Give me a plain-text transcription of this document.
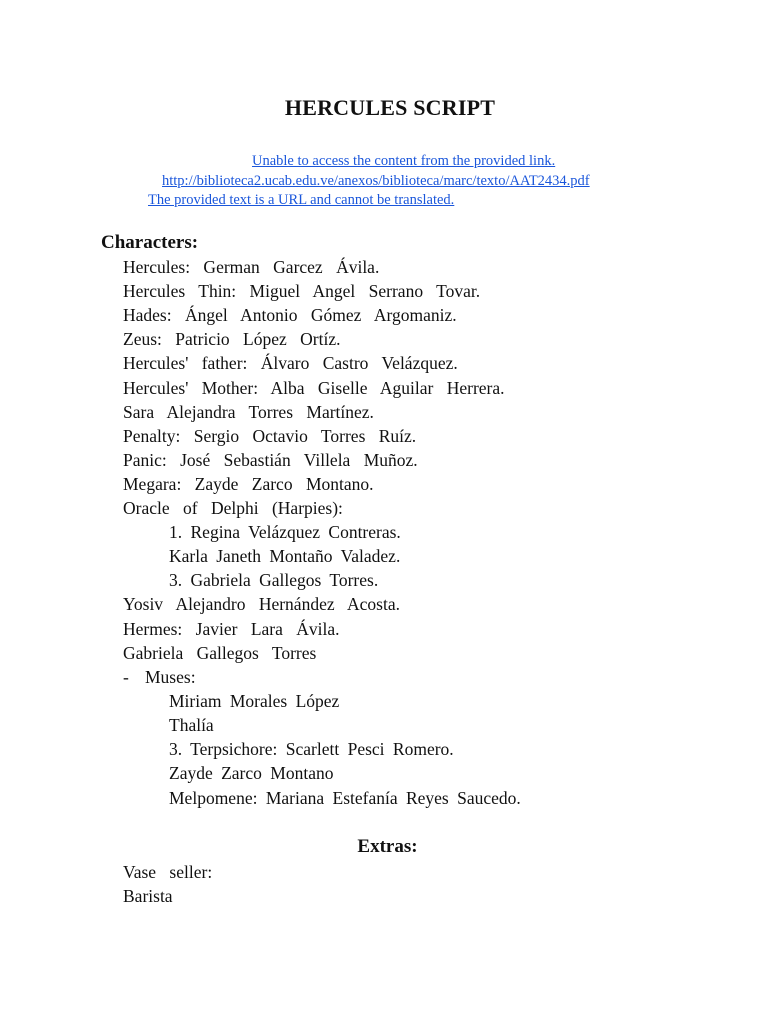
HERCULES SCRIPT
Unable to access the content from the provided link.
http://biblioteca2.ucab.edu.ve/anexos/biblioteca/marc/texto/AAT2434.pdf
The provided text is a URL and cannot be translated.
Characters:
Hercules: German Garcez Ávila.
Hercules Thin: Miguel Angel Serrano Tovar.
Hades: Ángel Antonio Gómez Argomaniz.
Zeus: Patricio López Ortíz.
Hercules' father: Álvaro Castro Velázquez.
Hercules' Mother: Alba Giselle Aguilar Herrera.
Sara Alejandra Torres Martínez.
Penalty: Sergio Octavio Torres Ruíz.
Panic: José Sebastián Villela Muñoz.
Megara: Zayde Zarco Montano.
Oracle of Delphi (Harpies):
1. Regina Velázquez Contreras.
Karla Janeth Montaño Valadez.
3. Gabriela Gallegos Torres.
Yosiv Alejandro Hernández Acosta.
Hermes: Javier Lara Ávila.
Gabriela Gallegos Torres
- Muses:
Miriam Morales López
Thalía
3. Terpsichore: Scarlett Pesci Romero.
Zayde Zarco Montano
Melpomene: Mariana Estefanía Reyes Saucedo.
Extras:
Vase seller:
Barista
